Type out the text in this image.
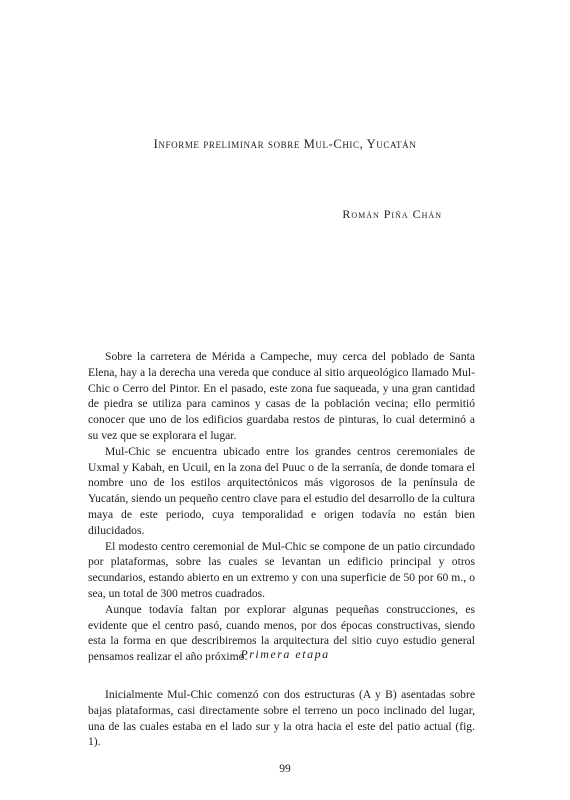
Informe preliminar sobre Mul-Chic, Yucatán
Román Piña Chán

Sobre la carretera de Mérida a Campeche, muy cerca del poblado de Santa Elena, hay a la derecha una vereda que conduce al sitio arqueológico llamado Mul-Chic o Cerro del Pintor. En el pasado, este zona fue saqueada, y una gran cantidad de piedra se utiliza para caminos y casas de la población vecina; ello permitió conocer que uno de los edificios guardaba restos de pinturas, lo cual determinó a su vez que se explorara el lugar.

Mul-Chic se encuentra ubicado entre los grandes centros ceremoniales de Uxmal y Kabah, en Ucuil, en la zona del Puuc o de la serranía, de donde tomara el nombre uno de los estilos arquitectónicos más vigorosos de la península de Yucatán, siendo un pequeño centro clave para el estudio del desarrollo de la cultura maya de este periodo, cuya temporalidad e origen todavía no están bien dilucidados.

El modesto centro ceremonial de Mul-Chic se compone de un patio circundado por plataformas, sobre las cuales se levantan un edificio principal y otros secundarios, estando abierto en un extremo y con una superficie de 50 por 60 m., o sea, un total de 300 metros cuadrados.

Aunque todavía faltan por explorar algunas pequeñas construcciones, es evidente que el centro pasó, cuando menos, por dos épocas constructivas, siendo esta la forma en que describiremos la arquitectura del sitio cuyo estudio general pensamos realizar el año próximo.

Primera etapa

Inicialmente Mul-Chic comenzó con dos estructuras (A y B) asentadas sobre bajas plataformas, casi directamente sobre el terreno un poco inclinado del lugar, una de las cuales estaba en el lado sur y la otra hacia el este del patio actual (fig. 1).

99
